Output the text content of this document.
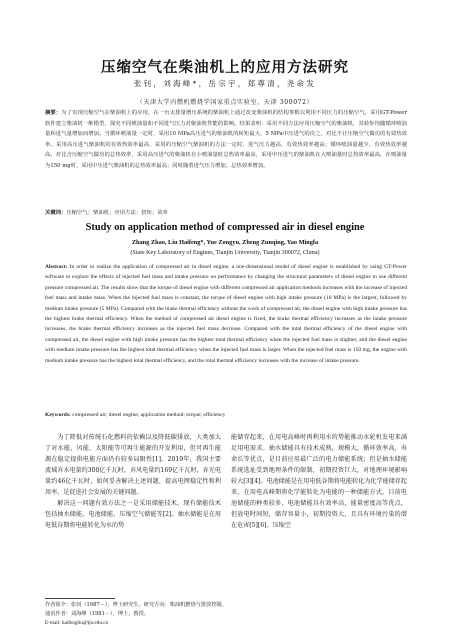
压缩空气在柴油机上的应用方法研究
张钊，刘海峰*，岳宗宇，郑尊清，尧命发
（天津大学内燃机燃烧学国家重点实验室，天津 300072）
摘要：为了实现压缩空气在柴油机上的应用，在一台太排量增压系统的柴油机上通过改变柴油机的结构参数以利用不同压力的压缩空气，采用GT-Power软件建立柴油机一维模型，探究不同喷油量和不同进气压力对柴油机性能的影响。结果表明：采用不同方法应用压缩空气的柴油机，其转矩均随循环喷油量和进气量增加而增加。当循环喷油量一定时，采用10 MPa高压进气的柴油机的转矩最大，5 MPa中压进气的次之，对比不让压缩空气做功的有效热效率。采用高压进气柴油机的有效热效率最高，采用的压缩空气柴油机的方法一定时，进气压力越高，有效热效率越高；循环喷油量越少，有效热效率越高。对比含压缩空气做功的总热效率，采用高压进气的柴油机在小喷油量时总热效率最高，采用中压进气的柴油机在大喷油量时总热效率最高，在喷油量为150 mg时，采用中压进气柴油机的总热效率最高；同时随着进气压力增加，总热效率增加。
关键词：压缩空气；柴油机；应用方法；扭矩；效率
Study on application method of compressed air in diesel engine
Zhang Zhao, Liu Haifeng*, Yue Zongyu, Zheng Zunqing, Yao Mingfa
(State Key Laboratory of Engines, Tianjin University, Tianjin 300072, China)
Abstract: In order to realize the application of compressed air in diesel engine, a one-dimensional model of diesel engine is established by using GT-Power software to explore the effects of injected fuel mass and intake pressure on performance by changing the structural parameters of diesel engine to use different pressure compressed air. The results show that the torque of diesel engine with different compressed air application methods increases with the increase of injected fuel mass and intake mass. When the injected fuel mass is constant, the torque of diesel engine with high intake pressure (10 MPa) is the largest, followed by medium intake pressure (5 MPa). Compared with the brake thermal efficiency without the work of compressed air, the diesel engine with high intake pressure has the highest brake thermal efficiency. When the method of compressed air diesel engine is fixed, the brake thermal efficiency increases as the intake pressure increases, the brake thermal efficiency increases as the injected fuel mass decrease. Compared with the total thermal efficiency of the diesel engine with compressed air, the diesel engine with high intake pressure has the highest total thermal efficiency when the injected fuel mass is slighter, and the diesel engine with medium intake pressure has the highest total thermal efficiency when the injected fuel mass is larger. When the injected fuel mass is 150 mg, the engine with medium intake pressure has the highest total thermal efficiency, and the total thermal efficiency increases with the increase of intake pressure.
Keywords: compressed air; diesel engine; application method; torque; efficiency

为了降低对传统石化燃料的依赖以及降低碳排放，人类加大了对水能、风能、太阳能等可再生能源的开发利用，但可再生能源在稳定提供电能方面仍有较多局限性[1]。2019年，我国主要流域弃水电量约300亿千瓦时，弃风电量约169亿千瓦时，弃光电量约46亿千瓦时，如何妥善解决上述问题，提高电网稳定性和利用率，是促进社会发展的关键问题。

解决这一问题有效方法之一是采用储能技术。现有储能技术包括抽水储能、电池储能、压缩空气储能等[2]。抽水储能是在用电低谷期将电能转化为水的势

能储存起来，在用电高峰时再利用水的势能推动水轮机发电来满足用电需求。抽水储能具有技术成熟，规模大，循环效率高，寿命长等优点，是目前应用最广泛的电力储能系统；但是抽水储能系统选址受到地理条件的限制，初期投资巨大，对地理环境影响较大[3][4]。电池储能是在用电低谷期将电能转化为化学能储存起来，在用电高峰期将化学能转化为电能的一种储能方式，目前电池储能的种类较多，电池储能具有效率高，能量密度高等优点，但放电时间短，储存容量小，初期投资大，且具有环境污染的潜在危害[5][6]。压缩空

作者简介：张钊（1987－），博士研究生，研究方向：柴油机燃烧与排放控制。
通讯作者：刘海峰（1981－），博士，教授。
E-mail: haifengliu@tju.edu.cn
